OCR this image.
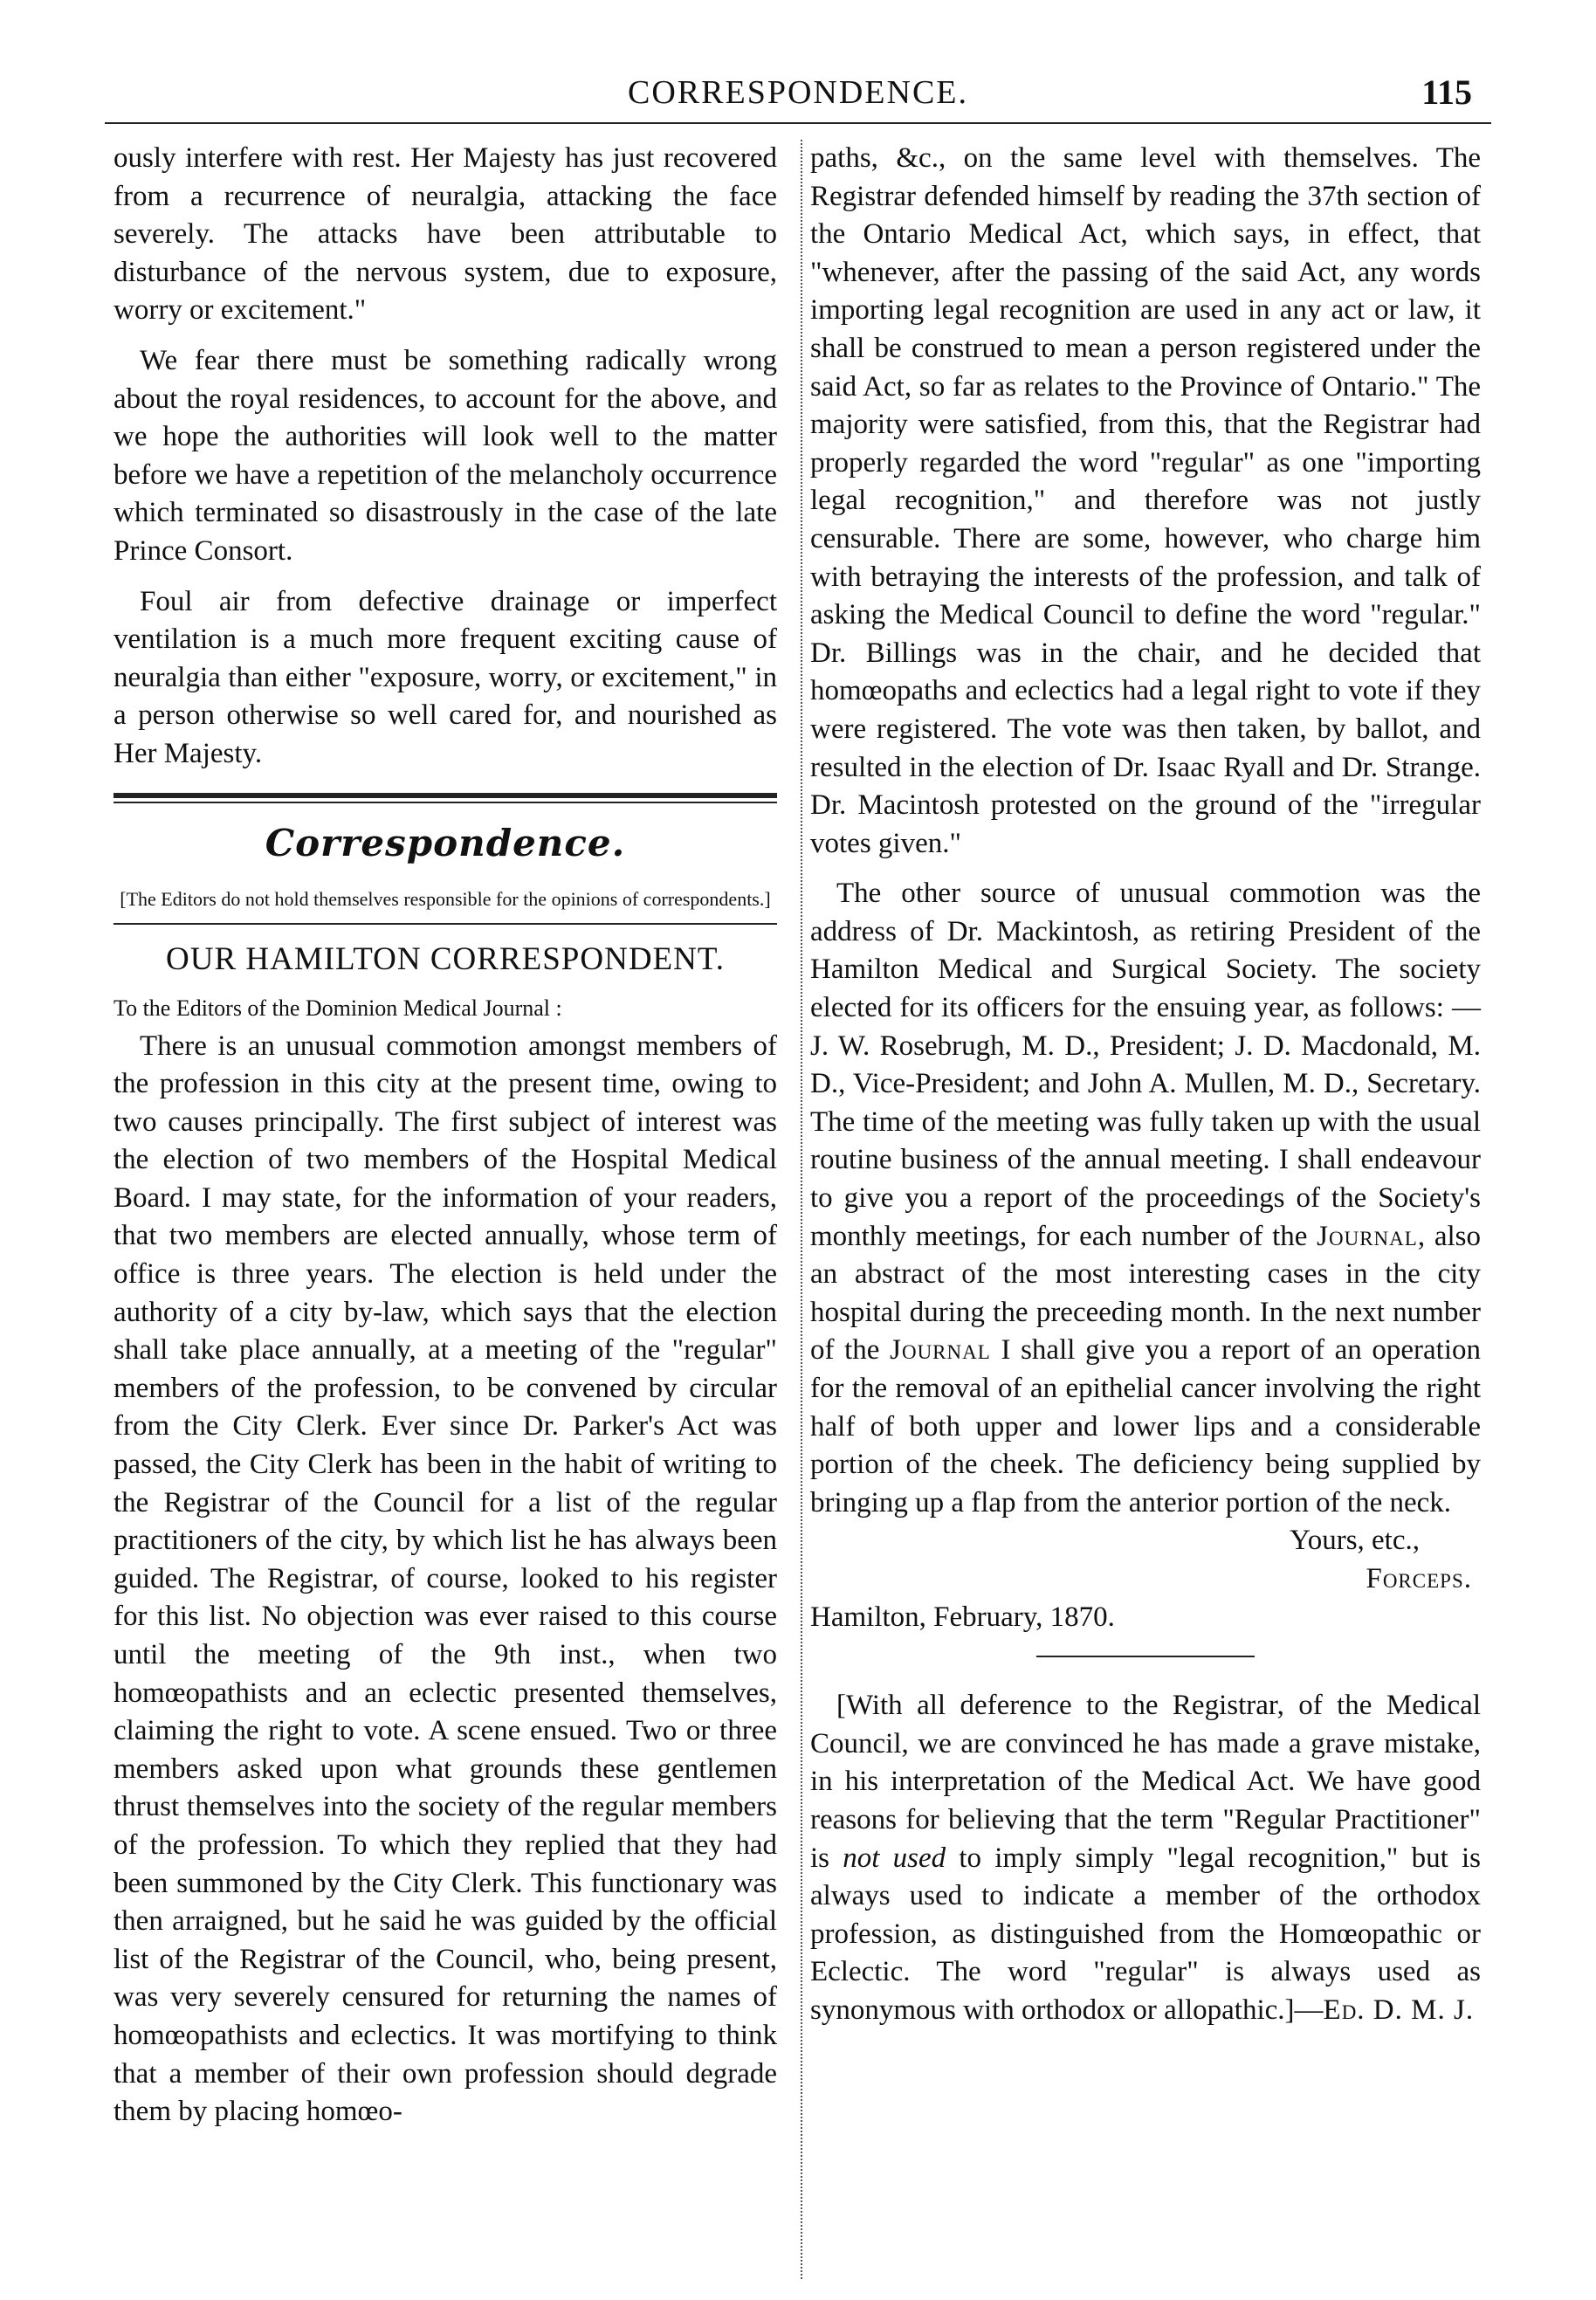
CORRESPONDENCE.	115

ously interfere with rest. Her Majesty has just recovered from a recurrence of neuralgia, attacking the face severely. The attacks have been attributable to disturbance of the nervous system, due to exposure, worry or excitement."

We fear there must be something radically wrong about the royal residences, to account for the above, and we hope the authorities will look well to the matter before we have a repetition of the melancholy occurrence which terminated so disastrously in the case of the late Prince Consort.

Foul air from defective drainage or imperfect ventilation is a much more frequent exciting cause of neuralgia than either "exposure, worry, or excitement," in a person otherwise so well cared for, and nourished as Her Majesty.

Correspondence.
[The Editors do not hold themselves responsible for the opinions of correspondents.]
OUR HAMILTON CORRESPONDENT.
To the Editors of the Dominion Medical Journal :

There is an unusual commotion amongst members of the profession in this city at the present time, owing to two causes principally. The first subject of interest was the election of two members of the Hospital Medical Board. I may state, for the information of your readers, that two members are elected annually, whose term of office is three years. The election is held under the authority of a city by-law, which says that the election shall take place annually, at a meeting of the "regular" members of the profession, to be convened by circular from the City Clerk. Ever since Dr. Parker's Act was passed, the City Clerk has been in the habit of writing to the Registrar of the Council for a list of the regular practitioners of the city, by which list he has always been guided. The Registrar, of course, looked to his register for this list. No objection was ever raised to this course until the meeting of the 9th inst., when two homœopathists and an eclectic presented themselves, claiming the right to vote. A scene ensued. Two or three members asked upon what grounds these gentlemen thrust themselves into the society of the regular members of the profession. To which they replied that they had been summoned by the City Clerk. This functionary was then arraigned, but he said he was guided by the official list of the Registrar of the Council, who, being present, was very severely censured for returning the names of homœopathists and eclectics. It was mortifying to think that a member of their own profession should degrade them by placing homœo-

paths, &c., on the same level with themselves. The Registrar defended himself by reading the 37th section of the Ontario Medical Act, which says, in effect, that "whenever, after the passing of the said Act, any words importing legal recognition are used in any act or law, it shall be construed to mean a person registered under the said Act, so far as relates to the Province of Ontario." The majority were satisfied, from this, that the Registrar had properly regarded the word "regular" as one "importing legal recognition," and therefore was not justly censurable. There are some, however, who charge him with betraying the interests of the profession, and talk of asking the Medical Council to define the word "regular." Dr. Billings was in the chair, and he decided that homœopaths and eclectics had a legal right to vote if they were registered. The vote was then taken, by ballot, and resulted in the election of Dr. Isaac Ryall and Dr. Strange. Dr. Macintosh protested on the ground of the "irregular votes given."

The other source of unusual commotion was the address of Dr. Mackintosh, as retiring President of the Hamilton Medical and Surgical Society. The society elected for its officers for the ensuing year, as follows: —J. W. Rosebrugh, M. D., President; J. D. Macdonald, M. D., Vice-President; and John A. Mullen, M. D., Secretary. The time of the meeting was fully taken up with the usual routine business of the annual meeting. I shall endeavour to give you a report of the proceedings of the Society's monthly meetings, for each number of the Journal, also an abstract of the most interesting cases in the city hospital during the preceeding month. In the next number of the Journal I shall give you a report of an operation for the removal of an epithelial cancer involving the right half of both upper and lower lips and a considerable portion of the cheek. The deficiency being supplied by bringing up a flap from the anterior portion of the neck.

Yours, etc.,

Forceps.

Hamilton, February, 1870.

[With all deference to the Registrar, of the Medical Council, we are convinced he has made a grave mistake, in his interpretation of the Medical Act. We have good reasons for believing that the term "Regular Practitioner" is not used to imply simply "legal recognition," but is always used to indicate a member of the orthodox profession, as distinguished from the Homœopathic or Eclectic. The word "regular" is always used as synonymous with orthodox or allopathic.]—Ed. D. M. J.
